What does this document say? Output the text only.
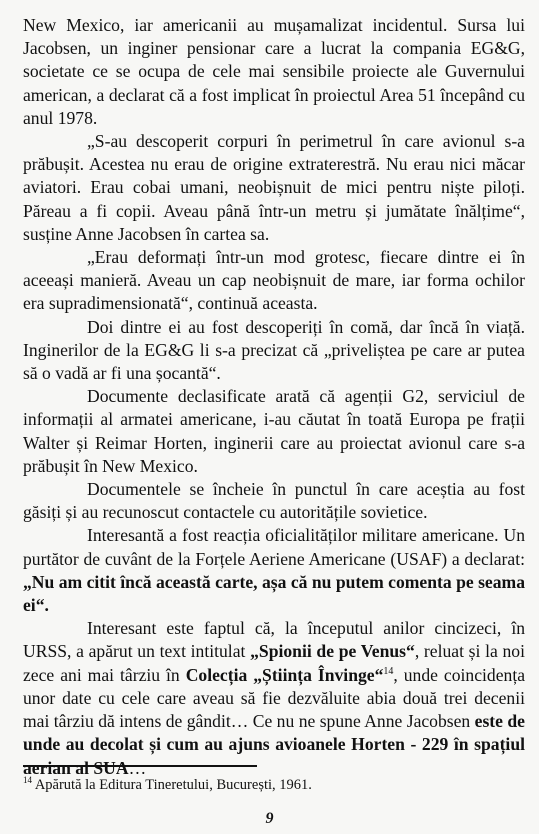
New Mexico, iar americanii au mușamalizat incidentul. Sursa lui Jacobsen, un inginer pensionar care a lucrat la compania EG&G, societate ce se ocupa de cele mai sensibile proiecte ale Guvernului american, a declarat că a fost implicat în proiectul Area 51 începând cu anul 1978.

„S-au descoperit corpuri în perimetrul în care avionul s-a prăbușit. Acestea nu erau de origine extraterestră. Nu erau nici măcar aviatori. Erau cobai umani, neobișnuit de mici pentru niște piloți. Păreau a fi copii. Aveau până într-un metru și jumătate înălțime“, susține Anne Jacobsen în cartea sa.

„Erau deformați într-un mod grotesc, fiecare dintre ei în aceeași manieră. Aveau un cap neobișnuit de mare, iar forma ochilor era supradimensionată“, continuă aceasta.

Doi dintre ei au fost descoperiți în comă, dar încă în viață. Inginerilor de la EG&G li s-a precizat că „priveliștea pe care ar putea să o vadă ar fi una șocantă“.

Documente declasificate arată că agenții G2, serviciul de informații al armatei americane, i-au căutat în toată Europa pe frații Walter și Reimar Horten, inginerii care au proiectat avionul care s-a prăbușit în New Mexico.

Documentele se încheie în punctul în care aceștia au fost găsiți și au recunoscut contactele cu autoritățile sovietice.

Interesantă a fost reacția oficialităților militare americane. Un purtător de cuvânt de la Forțele Aeriene Americane (USAF) a declarat: „Nu am citit încă această carte, așa că nu putem comenta pe seama ei“.

Interesant este faptul că, la începutul anilor cincizeci, în URSS, a apărut un text intitulat „Spionii de pe Venus“, reluat și la noi zece ani mai târziu în Colecția „Știința Învinge“$^{14}$, unde coincidența unor date cu cele care aveau să fie dezvăluite abia două trei decenii mai târziu dă intens de gândit… Ce nu ne spune Anne Jacobsen este de unde au decolat și cum au ajuns avioanele Horten - 229 în spațiul aerian al SUA…

$^{14}$ Apărută la Editura Tineretului, București, 1961.
9
